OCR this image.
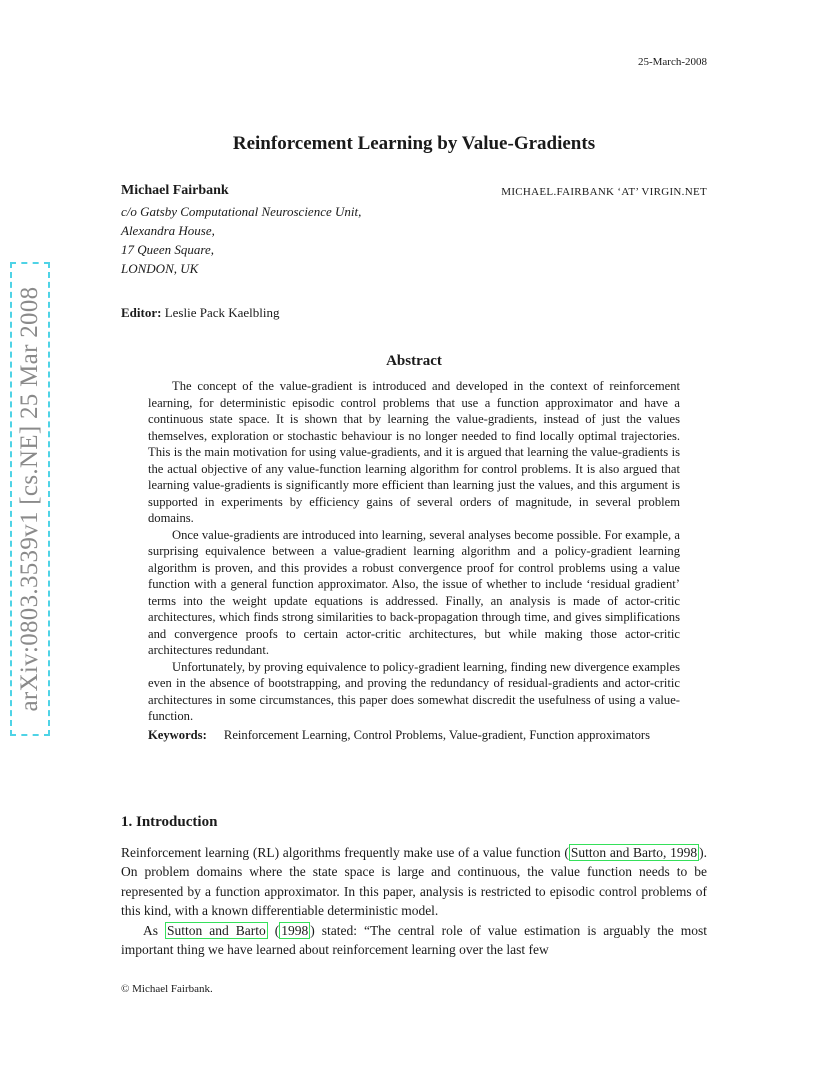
25-March-2008
arXiv:0803.3539v1 [cs.NE] 25 Mar 2008
Reinforcement Learning by Value-Gradients
Michael Fairbank	MICHAEL.FAIRBANK ‘AT’ VIRGIN.NET
c/o Gatsby Computational Neuroscience Unit,
Alexandra House,
17 Queen Square,
LONDON, UK
Editor: Leslie Pack Kaelbling
Abstract

The concept of the value-gradient is introduced and developed in the context of reinforcement learning, for deterministic episodic control problems that use a function approximator and have a continuous state space. It is shown that by learning the value-gradients, instead of just the values themselves, exploration or stochastic behaviour is no longer needed to find locally optimal trajectories. This is the main motivation for using value-gradients, and it is argued that learning the value-gradients is the actual objective of any value-function learning algorithm for control problems. It is also argued that learning value-gradients is significantly more efficient than learning just the values, and this argument is supported in experiments by efficiency gains of several orders of magnitude, in several problem domains.

Once value-gradients are introduced into learning, several analyses become possible. For example, a surprising equivalence between a value-gradient learning algorithm and a policy-gradient learning algorithm is proven, and this provides a robust convergence proof for control problems using a value function with a general function approximator. Also, the issue of whether to include ‘residual gradient’ terms into the weight update equations is addressed. Finally, an analysis is made of actor-critic architectures, which finds strong similarities to back-propagation through time, and gives simplifications and convergence proofs to certain actor-critic architectures, but while making those actor-critic architectures redundant.

Unfortunately, by proving equivalence to policy-gradient learning, finding new divergence examples even in the absence of bootstrapping, and proving the redundancy of residual-gradients and actor-critic architectures in some circumstances, this paper does somewhat discredit the usefulness of using a value-function.

Keywords: Reinforcement Learning, Control Problems, Value-gradient, Function approximators
1. Introduction

Reinforcement learning (RL) algorithms frequently make use of a value function ( Sutton and Barto, 1998 ). On problem domains where the state space is large and continuous, the value function needs to be represented by a function approximator. In this paper, analysis is restricted to episodic control problems of this kind, with a known differentiable deterministic model.

As Sutton and Barto ( 1998 ) stated: “The central role of value estimation is arguably the most important thing we have learned about reinforcement learning over the last few

© Michael Fairbank.
